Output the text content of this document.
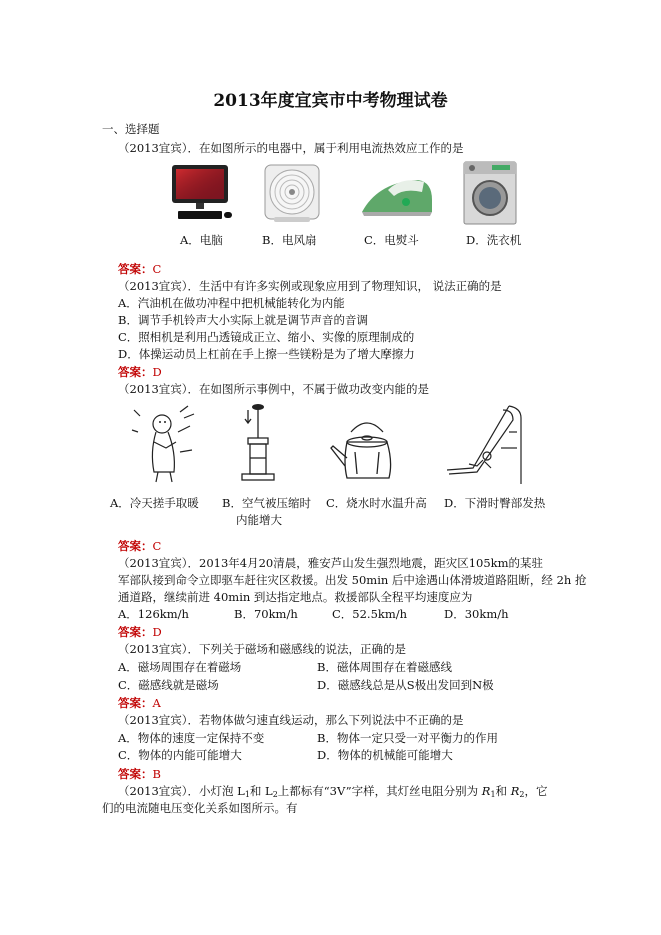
2013年度宜宾市中考物理试卷
一、选择题
（2013宜宾）．在如图所示的电器中，属于利用电流热效应工作的是
A．电脑	B．电风扇	C．电熨斗	D．洗衣机
答案：C
（2013宜宾）．生活中有许多实例或现象应用到了物理知识， 说法正确的是
A．汽油机在做功冲程中把机械能转化为内能
B．调节手机铃声大小实际上就是调节声音的音调
C．照相机是利用凸透镜成正立、缩小、实像的原理制成的
D．体操运动员上杠前在手上擦一些镁粉是为了增大摩擦力
答案：D
（2013宜宾）．在如图所示事例中，不属于做功改变内能的是
A．冷天搓手取暖 B．空气被压缩时
内能增大
C．烧水时水温升高 D．下滑时臀部发热
答案：C
（2013宜宾）．2013年4月20清晨，雅安芦山发生强烈地震，距灾区105km的某驻
军部队接到命令立即驱车赶往灾区救援。出发 50min 后中途遇山体滑坡道路阻断，经 2h 抢
通道路，继续前进 40min 到达指定地点。救援部队全程平均速度应为
A．126km/h	B．70km/h	C．52.5km/h	D．30km/h
答案：D
（2013宜宾）．下列关于磁场和磁感线的说法，正确的是
A．磁场周围存在着磁场	B．磁体周围存在着磁感线
C．磁感线就是磁场	D．磁感线总是从S极出发回到N极
答案：A
（2013宜宾）．若物体做匀速直线运动，那么下列说法中不正确的是
A．物体的速度一定保持不变	B．物体一定只受一对平衡力的作用
C．物体的内能可能增大	D．物体的机械能可能增大
答案：B
（2013宜宾）．小灯泡 $L_1$和 $L_2$上都标有“3V”字样，其灯丝电阻分别为 $R_1$和 $R_2$，它
们的电流随电压变化关系如图所示。有
